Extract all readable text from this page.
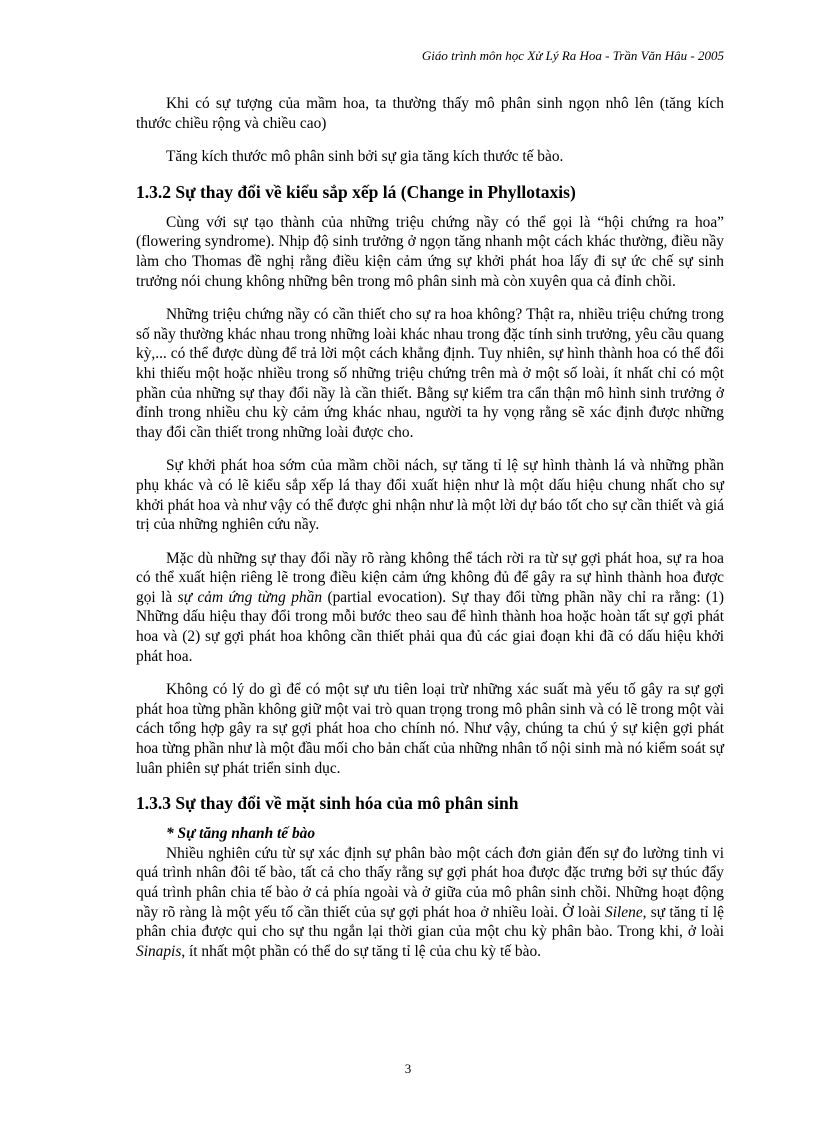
Giáo trình môn học Xử Lý Ra Hoa - Trần Văn Hâu - 2005

Khi có sự tượng của mầm hoa, ta thường thấy mô phân sinh ngọn nhô lên (tăng kích thước chiều rộng và chiều cao)

Tăng kích thước mô phân sinh bởi sự gia tăng kích thước tế bào.

1.3.2 Sự thay đổi về kiểu sắp xếp lá (Change in Phyllotaxis)

Cùng với sự tạo thành của những triệu chứng nầy có thể gọi là “hội chứng ra hoa” (flowering syndrome). Nhịp độ sinh trưởng ở ngọn tăng nhanh một cách khác thường, điều nầy làm cho Thomas đề nghị rằng điều kiện cảm ứng sự khởi phát hoa lấy đi sự ức chế sự sinh trưởng nói chung không những bên trong mô phân sinh mà còn xuyên qua cả đỉnh chồi.

Những triệu chứng nầy có cần thiết cho sự ra hoa không? Thật ra, nhiều triệu chứng trong số nầy thường khác nhau trong những loài khác nhau trong đặc tính sinh trưởng, yêu cầu quang kỳ,... có thể được dùng để trả lời một cách khẳng định. Tuy nhiên, sự hình thành hoa có thể đổi khi thiếu một hoặc nhiều trong số những triệu chứng trên mà ở một số loài, ít nhất chỉ có một phần của những sự thay đổi nầy là cần thiết. Bằng sự kiểm tra cẩn thận mô hình sinh trưởng ở đỉnh trong nhiều chu kỳ cảm ứng khác nhau, người ta hy vọng rằng sẽ xác định được những thay đổi cần thiết trong những loài được cho.

Sự khởi phát hoa sớm của mầm chồi nách, sự tăng tỉ lệ sự hình thành lá và những phần phụ khác và có lẽ kiểu sắp xếp lá thay đổi xuất hiện như là một dấu hiệu chung nhất cho sự khởi phát hoa và như vậy có thể được ghi nhận như là một lời dự báo tốt cho sự cần thiết và giá trị của những nghiên cứu nầy.

Mặc dù những sự thay đổi nầy rõ ràng không thể tách rời ra từ sự gợi phát hoa, sự ra hoa có thể xuất hiện riêng lẽ trong điều kiện cảm ứng không đủ để gây ra sự hình thành hoa được gọi là sự cảm ứng từng phần (partial evocation). Sự thay đổi từng phần nầy chỉ ra rằng: (1) Những dấu hiệu thay đổi trong mỗi bước theo sau để hình thành hoa hoặc hoàn tất sự gợi phát hoa và (2) sự gợi phát hoa không cần thiết phải qua đủ các giai đoạn khi đã có dấu hiệu khởi phát hoa.

Không có lý do gì để có một sự ưu tiên loại trừ những xác suất mà yếu tố gây ra sự gợi phát hoa từng phần không giữ một vai trò quan trọng trong mô phân sinh và có lẽ trong một vài cách tổng hợp gây ra sự gợi phát hoa cho chính nó. Như vậy, chúng ta chú ý sự kiện gợi phát hoa từng phần như là một đầu mối cho bản chất của những nhân tố nội sinh mà nó kiểm soát sự luân phiên sự phát triển sinh dục.

1.3.3 Sự thay đổi về mặt sinh hóa của mô phân sinh
* Sự tăng nhanh tế bào

Nhiều nghiên cứu từ sự xác định sự phân bào một cách đơn giản đến sự đo lường tinh vi quá trình nhân đôi tế bào, tất cả cho thấy rằng sự gợi phát hoa được đặc trưng bởi sự thúc đẩy quá trình phân chia tế bào ở cả phía ngoài và ở giữa của mô phân sinh chồi. Những hoạt động nầy rõ ràng là một yếu tố cần thiết của sự gợi phát hoa ở nhiều loài. Ở loài Silene, sự tăng tỉ lệ phân chia được qui cho sự thu ngắn lại thời gian của một chu kỳ phân bào. Trong khi, ở loài Sinapis, ít nhất một phần có thể do sự tăng tỉ lệ của chu kỳ tế bào.

3
